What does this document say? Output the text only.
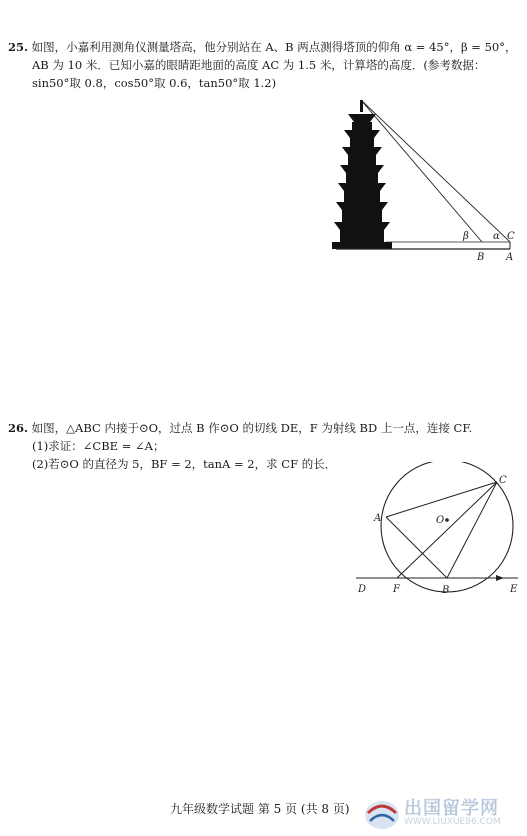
25. 如图，小嘉利用测角仪测量塔高，他分别站在 A、B 两点测得塔顶的仰角 α = 45°，β = 50°，
AB 为 10 米．已知小嘉的眼睛距地面的高度 AC 为 1.5 米，计算塔的高度．(参考数据：
sin50°取 0.8，cos50°取 0.6，tan50°取 1.2)
β α C
B A
26. 如图，△ABC 内接于⊙O，过点 B 作⊙O 的切线 DE，F 为射线 BD 上一点，连接 CF.
(1)求证：∠CBE = ∠A；
(2)若⊙O 的直径为 5，BF = 2，tanA = 2，求 CF 的长．
A
C
O
D	F	B	E
九年级数学试题 第 5 页 (共 8 页)	出国留学网
WWW.LIUXUE86.COM
